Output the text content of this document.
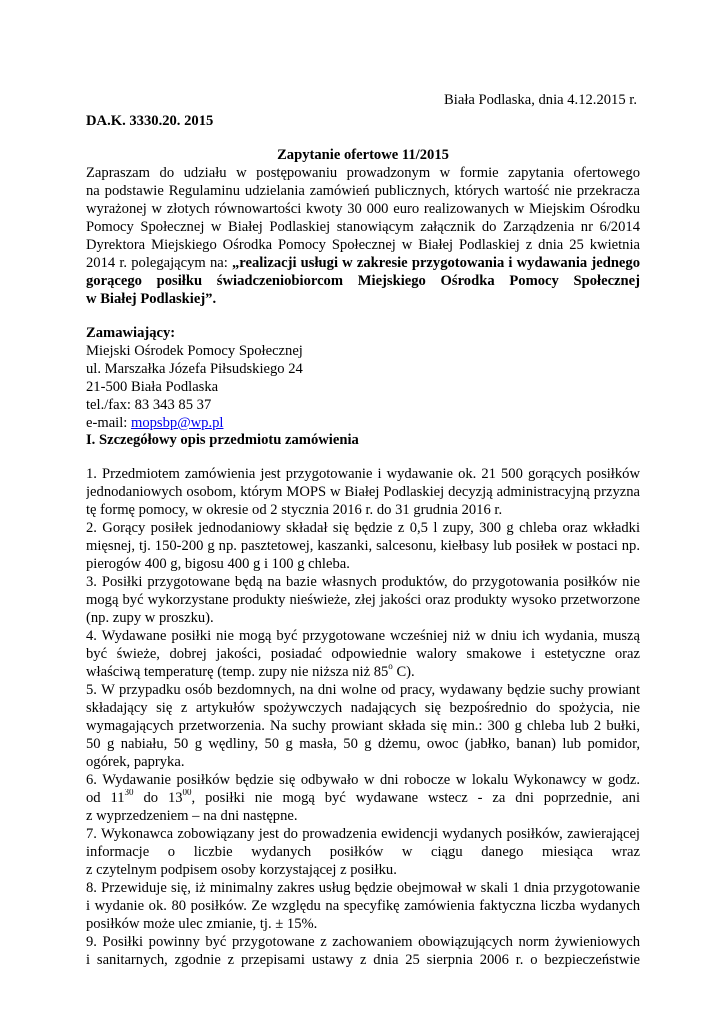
Biała Podlaska, dnia 4.12.2015 r.
DA.K. 3330.20. 2015
Zapytanie ofertowe 11/2015
Zapraszam do udziału w postępowaniu prowadzonym w formie zapytania ofertowego
na podstawie Regulaminu udzielania zamówień publicznych, których wartość nie przekracza
wyrażonej w złotych równowartości kwoty 30 000 euro realizowanych w Miejskim Ośrodku
Pomocy Społecznej w Białej Podlaskiej stanowiącym załącznik do Zarządzenia nr 6/2014
Dyrektora Miejskiego Ośrodka Pomocy Społecznej w Białej Podlaskiej z dnia 25 kwietnia
2014 r. polegającym na: „realizacji usługi w zakresie przygotowania i wydawania jednego
gorącego posiłku świadczeniobiorcom Miejskiego Ośrodka Pomocy Społecznej
w Białej Podlaskiej”.
Zamawiający:
Miejski Ośrodek Pomocy Społecznej
ul. Marszałka Józefa Piłsudskiego 24
21-500 Biała Podlaska
tel./fax: 83 343 85 37
e-mail: mopsbp@wp.pl
I. Szczegółowy opis przedmiotu zamówienia
1. Przedmiotem zamówienia jest przygotowanie i wydawanie ok. 21 500 gorących posiłków
jednodaniowych osobom, którym MOPS w Białej Podlaskiej decyzją administracyjną przyzna
tę formę pomocy, w okresie od 2 stycznia 2016 r. do 31 grudnia 2016 r.
2. Gorący posiłek jednodaniowy składał się będzie z 0,5 l zupy, 300 g chleba oraz wkładki
mięsnej, tj. 150-200 g np. pasztetowej, kaszanki, salcesonu, kiełbasy lub posiłek w postaci np.
pierogów 400 g, bigosu 400 g i 100 g chleba.
3. Posiłki przygotowane będą na bazie własnych produktów, do przygotowania posiłków nie
mogą być wykorzystane produkty nieświeże, złej jakości oraz produkty wysoko przetworzone
(np. zupy w proszku).
4. Wydawane posiłki nie mogą być przygotowane wcześniej niż w dniu ich wydania, muszą
być świeże, dobrej jakości, posiadać odpowiednie walory smakowe i estetyczne oraz
właściwą temperaturę (temp. zupy nie niższa niż 85$^o$ C).
5. W przypadku osób bezdomnych, na dni wolne od pracy, wydawany będzie suchy prowiant
składający się z artykułów spożywczych nadających się bezpośrednio do spożycia, nie
wymagających przetworzenia. Na suchy prowiant składa się min.: 300 g chleba lub 2 bułki,
50 g nabiału, 50 g wędliny, 50 g masła, 50 g dżemu, owoc (jabłko, banan) lub pomidor,
ogórek, papryka.
6. Wydawanie posiłków będzie się odbywało w dni robocze w lokalu Wykonawcy w godz.
od $11^{30}$ do $13^{00}$, posiłki nie mogą być wydawane wstecz - za dni poprzednie, ani
z wyprzedzeniem – na dni następne.
7. Wykonawca zobowiązany jest do prowadzenia ewidencji wydanych posiłków, zawierającej
informacje o liczbie wydanych posiłków w ciągu danego miesiąca wraz
z czytelnym podpisem osoby korzystającej z posiłku.
8. Przewiduje się, iż minimalny zakres usług będzie obejmował w skali 1 dnia przygotowanie
i wydanie ok. 80 posiłków. Ze względu na specyfikę zamówienia faktyczna liczba wydanych
posiłków może ulec zmianie, tj. ± 15%.
9. Posiłki powinny być przygotowane z zachowaniem obowiązujących norm żywieniowych
i sanitarnych, zgodnie z przepisami ustawy z dnia 25 sierpnia 2006 r. o bezpieczeństwie
